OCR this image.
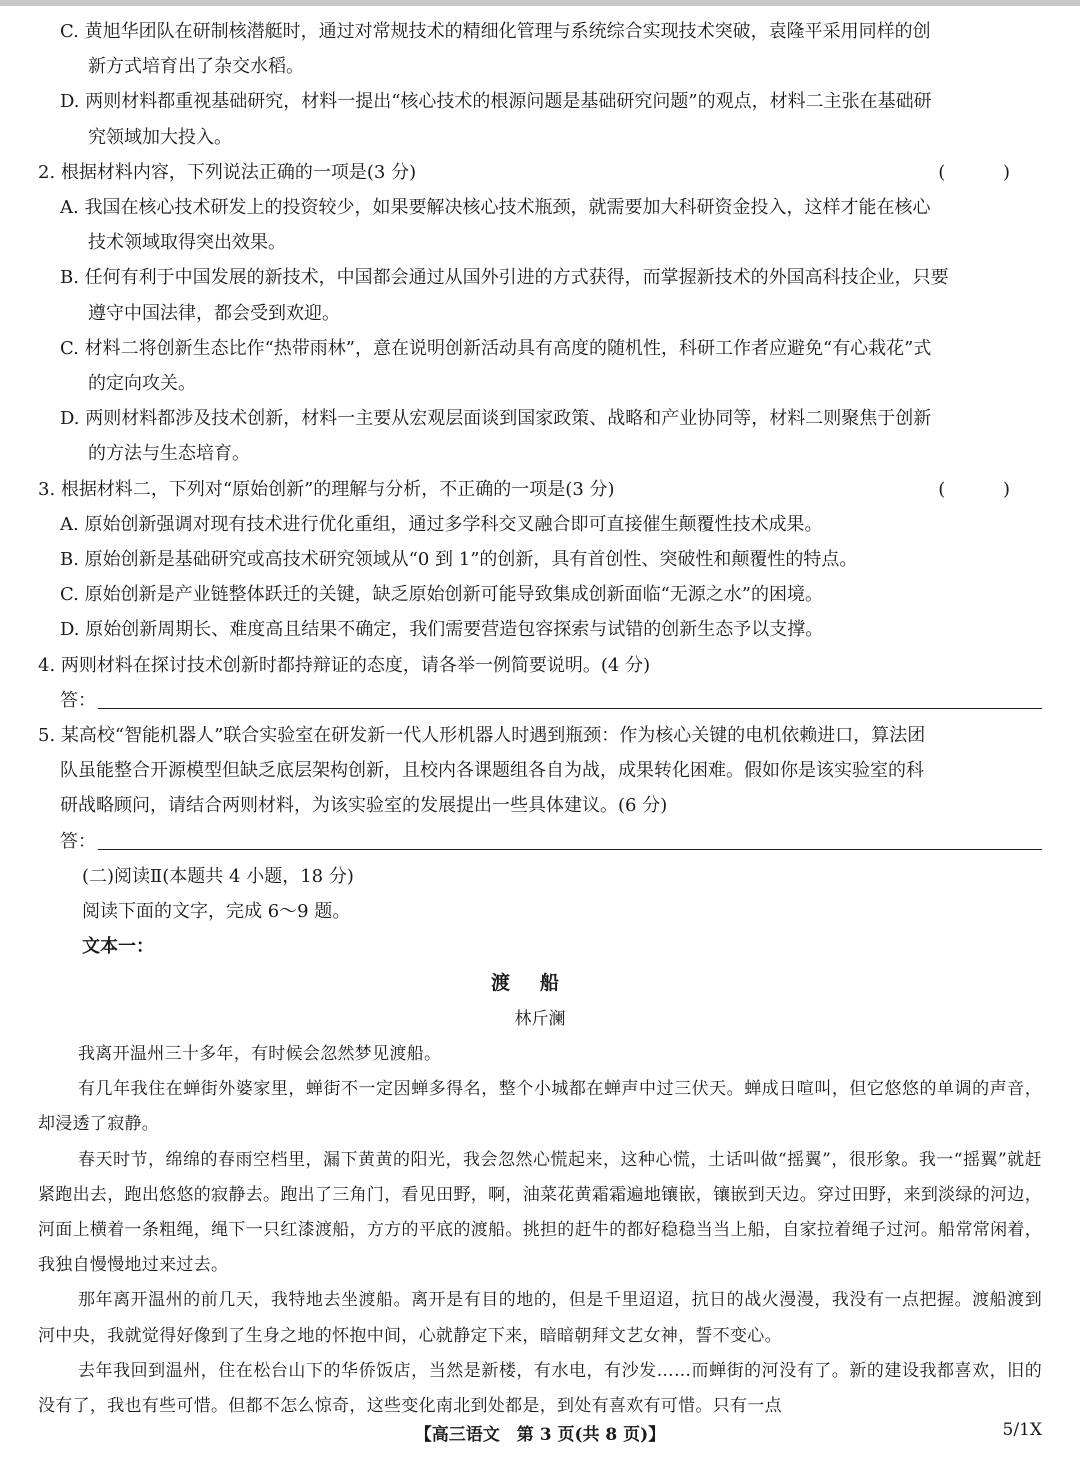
C. 黄旭华团队在研制核潜艇时，通过对常规技术的精细化管理与系统综合实现技术突破，袁隆平采用同样的创
新方式培育出了杂交水稻。
D. 两则材料都重视基础研究，材料一提出“核心技术的根源问题是基础研究问题”的观点，材料二主张在基础研
究领域加大投入。
2. 根据材料内容，下列说法正确的一项是(3 分)	( )
A. 我国在核心技术研发上的投资较少，如果要解决核心技术瓶颈，就需要加大科研资金投入，这样才能在核心
技术领域取得突出效果。
B. 任何有利于中国发展的新技术，中国都会通过从国外引进的方式获得，而掌握新技术的外国高科技企业，只要
遵守中国法律，都会受到欢迎。
C. 材料二将创新生态比作“热带雨林”，意在说明创新活动具有高度的随机性，科研工作者应避免“有心栽花”式
的定向攻关。
D. 两则材料都涉及技术创新，材料一主要从宏观层面谈到国家政策、战略和产业协同等，材料二则聚焦于创新
的方法与生态培育。
3. 根据材料二，下列对“原始创新”的理解与分析，不正确的一项是(3 分)	( )
A. 原始创新强调对现有技术进行优化重组，通过多学科交叉融合即可直接催生颠覆性技术成果。
B. 原始创新是基础研究或高技术研究领域从“0 到 1”的创新，具有首创性、突破性和颠覆性的特点。
C. 原始创新是产业链整体跃迁的关键，缺乏原始创新可能导致集成创新面临“无源之水”的困境。
D. 原始创新周期长、难度高且结果不确定，我们需要营造包容探索与试错的创新生态予以支撑。
4. 两则材料在探讨技术创新时都持辩证的态度，请各举一例简要说明。(4 分)
答：
5. 某高校“智能机器人”联合实验室在研发新一代人形机器人时遇到瓶颈：作为核心关键的电机依赖进口，算法团
队虽能整合开源模型但缺乏底层架构创新，且校内各课题组各自为战，成果转化困难。假如你是该实验室的科
研战略顾问，请结合两则材料，为该实验室的发展提出一些具体建议。(6 分)
答：
(二)阅读Ⅱ(本题共 4 小题，18 分)
阅读下面的文字，完成 6～9 题。
文本一：
渡船
林斤澜
我离开温州三十多年，有时候会忽然梦见渡船。
有几年我住在蝉街外婆家里，蝉街不一定因蝉多得名，整个小城都在蝉声中过三伏天。蝉成日喧叫，但它悠悠的单调的声音，却浸透了寂静。
春天时节，绵绵的春雨空档里，漏下黄黄的阳光，我会忽然心慌起来，这种心慌，土话叫做“摇翼”，很形象。我一“摇翼”就赶紧跑出去，跑出悠悠的寂静去。跑出了三角门，看见田野，啊，油菜花黄霜霜遍地镶嵌，镶嵌到天边。穿过田野，来到淡绿的河边，河面上横着一条粗绳，绳下一只红漆渡船，方方的平底的渡船。挑担的赶牛的都好稳稳当当上船，自家拉着绳子过河。船常常闲着，我独自慢慢地过来过去。
那年离开温州的前几天，我特地去坐渡船。离开是有目的地的，但是千里迢迢，抗日的战火漫漫，我没有一点把握。渡船渡到河中央，我就觉得好像到了生身之地的怀抱中间，心就静定下来，暗暗朝拜文艺女神，誓不变心。
去年我回到温州，住在松台山下的华侨饭店，当然是新楼，有水电，有沙发……而蝉街的河没有了。新的建设我都喜欢，旧的没有了，我也有些可惜。但都不怎么惊奇，这些变化南北到处都是，到处有喜欢有可惜。只有一点
【高三语文　第 3 页(共 8 页)】	5/1X
